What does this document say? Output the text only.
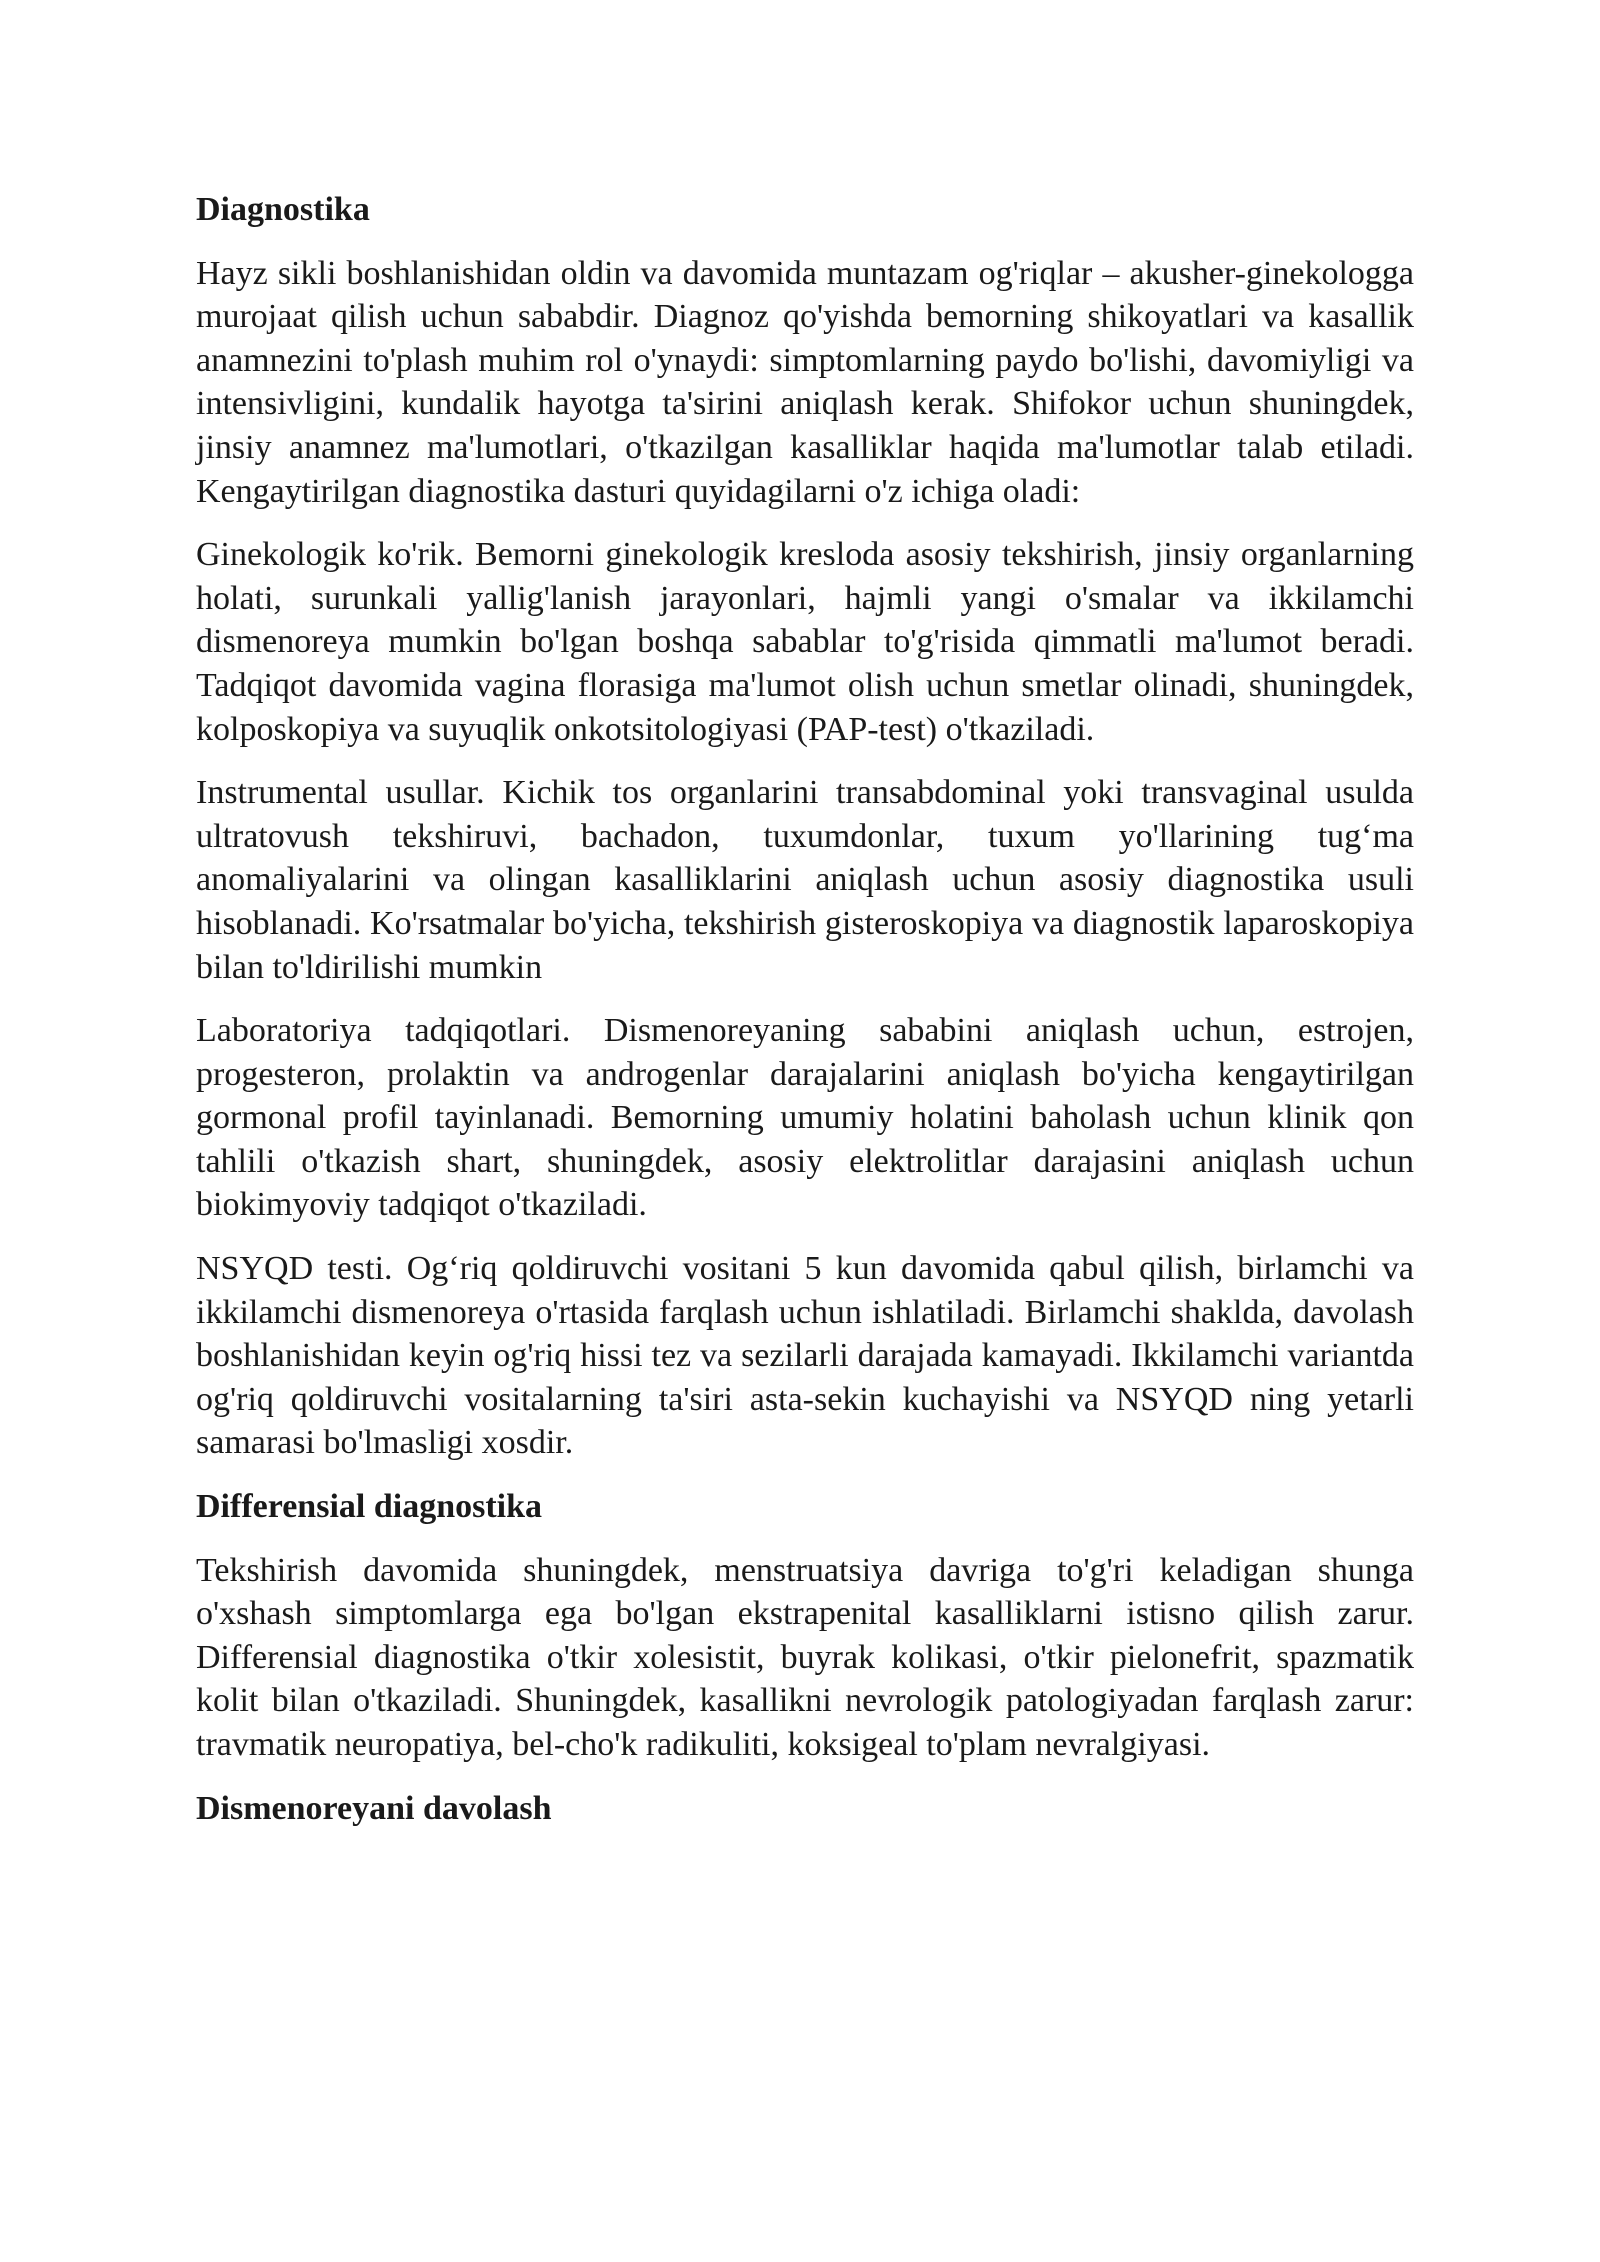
Diagnostika
Hayz sikli boshlanishidan oldin va davomida muntazam og'riqlar – akusher-ginekologga murojaat qilish uchun sababdir. Diagnoz qo'yishda bemorning shikoyatlari va kasallik anamnezini to'plash muhim rol o'ynaydi: simptomlarning paydo bo'lishi, davomiyligi va intensivligini, kundalik hayotga ta'sirini aniqlash kerak. Shifokor uchun shuningdek, jinsiy anamnez ma'lumotlari, o'tkazilgan kasalliklar haqida ma'lumotlar talab etiladi. Kengaytirilgan diagnostika dasturi quyidagilarni o'z ichiga oladi:
Ginekologik ko'rik. Bemorni ginekologik kresloda asosiy tekshirish, jinsiy organlarning holati, surunkali yallig'lanish jarayonlari, hajmli yangi o'smalar va ikkilamchi dismenoreya mumkin bo'lgan boshqa sabablar to'g'risida qimmatli ma'lumot beradi. Tadqiqot davomida vagina florasiga ma'lumot olish uchun smetlar olinadi, shuningdek, kolposkopiya va suyuqlik onkotsitologiyasi (PAP-test) o'tkaziladi.
Instrumental usullar. Kichik tos organlarini transabdominal yoki transvaginal usulda ultratovush tekshiruvi, bachadon, tuxumdonlar, tuxum yo'llarining tug‘ma anomaliyalarini va olingan kasalliklarini aniqlash uchun asosiy diagnostika usuli hisoblanadi. Ko'rsatmalar bo'yicha, tekshirish gisteroskopiya va diagnostik laparoskopiya bilan to'ldirilishi mumkin
Laboratoriya tadqiqotlari. Dismenoreyaning sababini aniqlash uchun, estrojen, progesteron, prolaktin va androgenlar darajalarini aniqlash bo'yicha kengaytirilgan gormonal profil tayinlanadi. Bemorning umumiy holatini baholash uchun klinik qon tahlili o'tkazish shart, shuningdek, asosiy elektrolitlar darajasini aniqlash uchun biokimyoviy tadqiqot o'tkaziladi.
NSYQD testi. Og‘riq qoldiruvchi vositani 5 kun davomida qabul qilish, birlamchi va ikkilamchi dismenoreya o'rtasida farqlash uchun ishlatiladi. Birlamchi shaklda, davolash boshlanishidan keyin og'riq hissi tez va sezilarli darajada kamayadi. Ikkilamchi variantda og'riq qoldiruvchi vositalarning ta'siri asta-sekin kuchayishi va NSYQD ning yetarli samarasi bo'lmasligi xosdir.
Differensial diagnostika
Tekshirish davomida shuningdek, menstruatsiya davriga to'g'ri keladigan shunga o'xshash simptomlarga ega bo'lgan ekstrapenital kasalliklarni istisno qilish zarur. Differensial diagnostika o'tkir xolesistit, buyrak kolikasi, o'tkir pielonefrit, spazmatik kolit bilan o'tkaziladi. Shuningdek, kasallikni nevrologik patologiyadan farqlash zarur: travmatik neuropatiya, bel-cho'k radikuliti, koksigeal to'plam nevralgiyasi.
Dismenoreyani davolash
